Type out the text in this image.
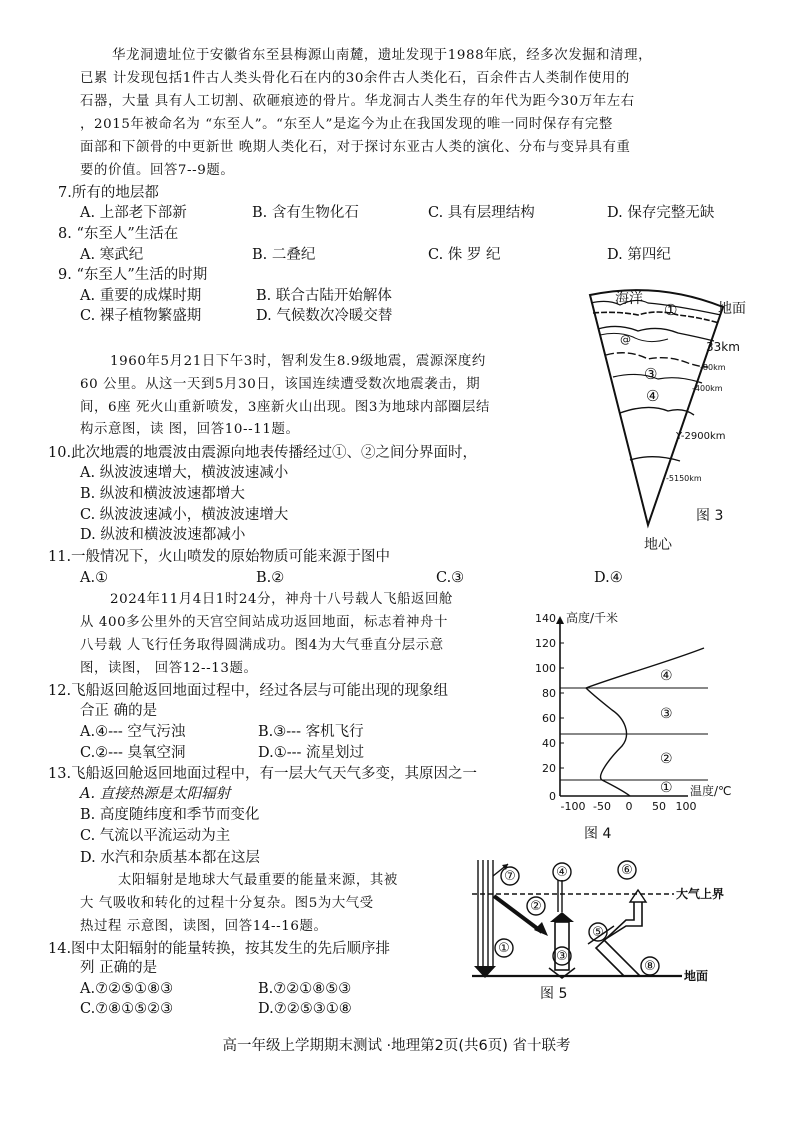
华龙洞遗址位于安徽省东至县梅源山南麓，遗址发现于1988年底，经多次发掘和清理，
已累 计发现包括1件古人类头骨化石在内的30余件古人类化石，百余件古人类制作使用的
石器，大量 具有人工切割、砍砸痕迹的骨片。华龙洞古人类生存的年代为距今30万年左右
，2015年被命名为 “东至人”。“东至人”是迄今为止在我国发现的唯一同时保存有完整
面部和下颌骨的中更新世 晚期人类化石，对于探讨东亚古人类的演化、分布与变异具有重
要的价值。回答7--9题。
7.所有的地层都
A. 上部老下部新	B. 含有生物化石	C. 具有层理结构	D. 保存完整无缺
8. “东至人”生活在
A. 寒武纪	B. 二叠纪	C. 侏 罗 纪	D. 第四纪
9. “东至人”生活的时期
A. 重要的成煤时期	B. 联合古陆开始解体
C. 裸子植物繁盛期	D. 气候数次冷暖交替
1960年5月21日下午3时，智利发生8.9级地震，震源深度约
60 公里。从这一天到5月30日，该国连续遭受数次地震袭击，期
间，6座 死火山重新喷发，3座新火山出现。图3为地球内部圈层结
构示意图，读 图，回答10--11题。
10.此次地震的地震波由震源向地表传播经过①、②之间分界面时，
A. 纵波波速增大，横波波速减小
B. 纵波和横波波速都增大
C. 纵波波速减小，横波波速增大
D. 纵波和横波波速都减小
11.一般情况下，火山喷发的原始物质可能来源于图中
A.①	B.②	C.③	D.④
2024年11月4日1时24分，神舟十八号载人飞船返回舱
从 400多公里外的天宫空间站成功返回地面，标志着神舟十
八号载 人飞行任务取得圆满成功。图4为大气垂直分层示意
图，读图， 回答12--13题。
12.飞船返回舱返回地面过程中，经过各层与可能出现的现象组
合正 确的是
A.④--- 空气污浊	B.③--- 客机飞行
C.②--- 臭氧空洞	D.①--- 流星划过
13.飞船返回舱返回地面过程中，有一层大气天气多变，其原因之一
A. 直接热源是太阳辐射
B. 高度随纬度和季节而变化
C. 气流以平流运动为主
D. 水汽和杂质基本都在这层
太阳辐射是地球大气最重要的能量来源，其被
大 气吸收和转化的过程十分复杂。图5为大气受
热过程 示意图，读图，回答14--16题。
14.图中太阳辐射的能量转换，按其发生的先后顺序排
列 正确的是
A.⑦②⑤①⑧③	B.⑦②①⑧⑤③
C.⑦⑧①⑤②③	D.⑦②⑤③①⑧
海洋
地面
①
@
③
④
33km
-80km
-400km
Y-2900km
-5150km
图 3
地心
高度/千米
140
120
100
80
60
40
20
0
-100 -50 0 50 100
温度/℃
④
③
②
①
图 4
大气上界
地面
⑦	④	⑥
②
⑤
①
③
⑧
图 5
高一年级上学期期末测试 ·地理第2页(共6页) 省十联考
